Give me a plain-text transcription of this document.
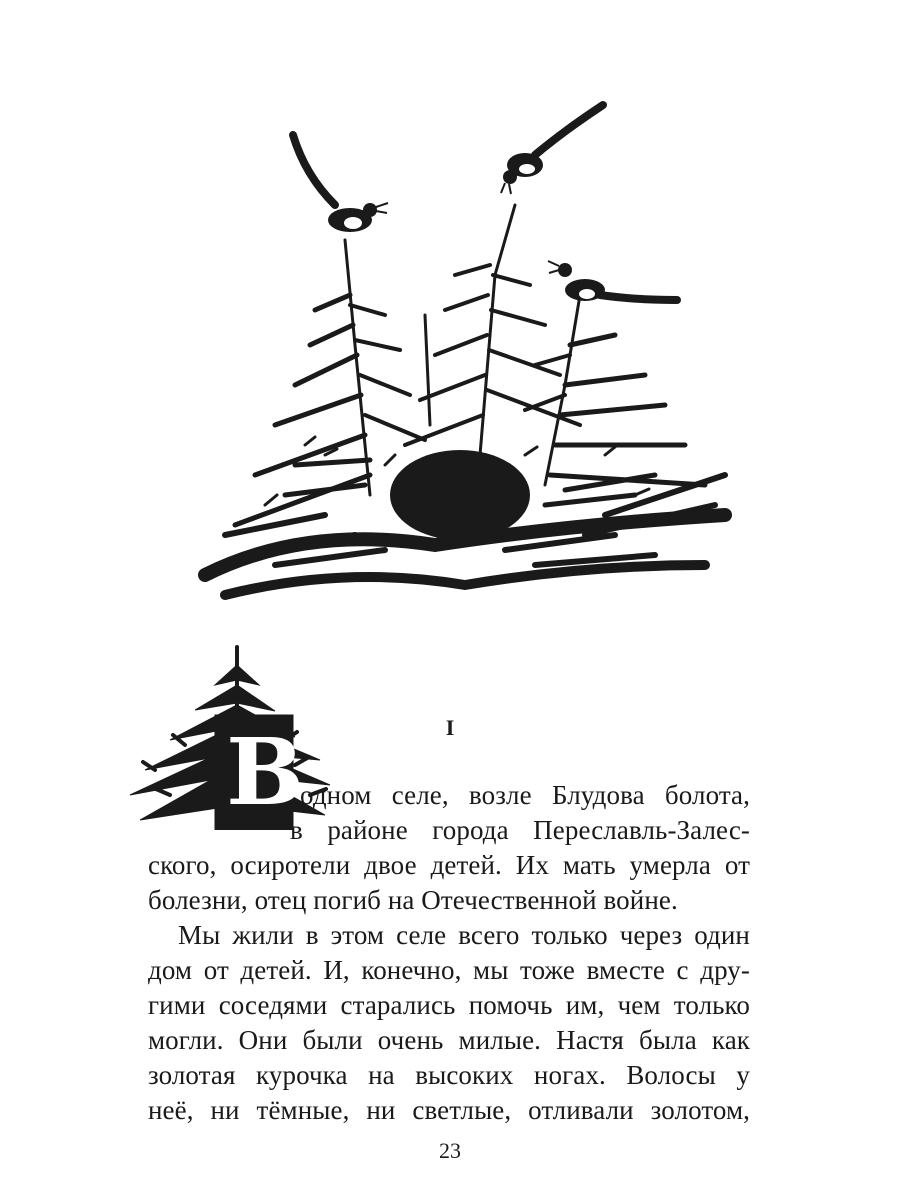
В	I
одном селе, возле Блудова болота,
в районе города Переславль-Залес-
ского, осиротели двое детей. Их мать умерла от
болезни, отец погиб на Отечественной войне.
Мы жили в этом селе всего только через один
дом от детей. И, конечно, мы тоже вместе с дру-
гими соседями старались помочь им, чем только
могли. Они были очень милые. Настя была как
золотая курочка на высоких ногах. Волосы у
неё, ни тёмные, ни светлые, отливали золотом,
23
